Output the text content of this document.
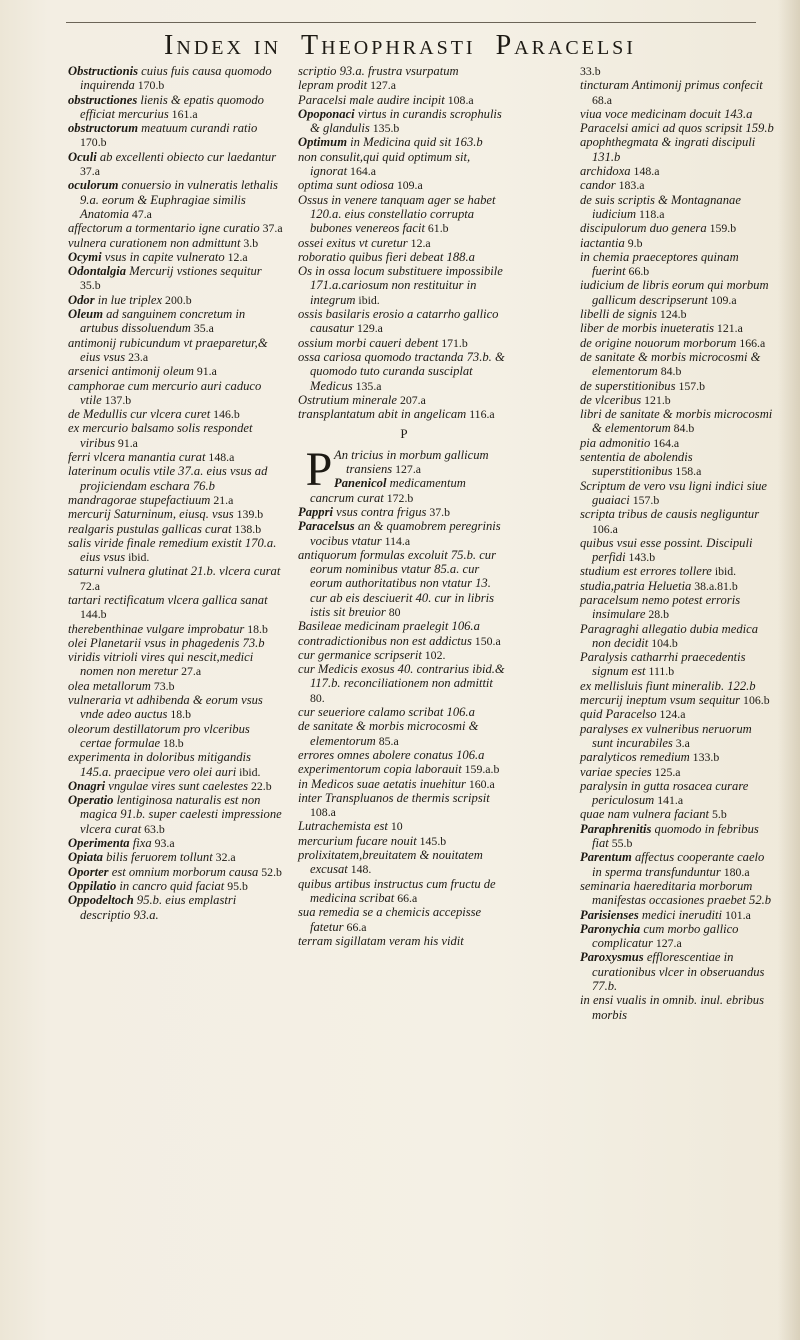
Index in Theophrasti Paracelsi
Obstructionis cuius fuis causa quomodo inquirenda 170.b
obstructiones lienis & epatis quomodo efficiat mercurius 161.a
obstructorum meatuum curandi ratio 170.b
Oculi ab excellenti obiecto cur laedantur 37.a
oculorum conuersio in vulneratis lethalis 9.a. eorum & Euphragiae similis Anatomia 47.a
affectorum a tormentario igne curatio 37.a
vulnera curationem non admittunt 3.b
Ocymi vsus in capite vulnerato 12.a
Odontalgia Mercurij vstiones sequitur 35.b
Odor in lue triplex 200.b
Oleum ad sanguinem concretum in artubus dissoluendum 35.a
antimonij rubicundum vt praeparetur,& eius vsus 23.a
arsenici antimonij oleum 91.a
camphorae cum mercurio auri caduco vtile 137.b
de Medullis cur vlcera curet 146.b
ex mercurio balsamo solis respondet viribus 91.a
ferri vlcera manantia curat 148.a
laterinum oculis vtile 37.a. eius vsus ad projiciendam eschara 76.b
mandragorae stupefactiuum 21.a
mercurij Saturninum, eiusq. vsus 139.b
realgaris pustulas gallicas curat 138.b
salis viride finale remedium existit 170.a. eius vsus ibid.
saturni vulnera glutinat 21.b. vlcera curat 72.a
tartari rectificatum vlcera gallica sanat 144.b
therebenthinae vulgare improbatur 18.b
olei Planetarii vsus in phagedenis 73.b
viridis vitrioli vires qui nescit,medici nomen non meretur 27.a
olea metallorum 73.b
vulneraria vt adhibenda & eorum vsus vnde adeo auctus 18.b
oleorum destillatorum pro vlceribus certae formulae 18.b
experimenta in doloribus mitigandis 145.a. praecipue vero olei auri ibid.
Onagri vngulae vires sunt caelestes 22.b
Operatio lentiginosa naturalis est non magica 91.b. super caelesti impressione vlcera curat 63.b
Operimenta fixa 93.a
Opiata bilis feruorem tollunt 32.a
Oporter est omnium morborum causa 52.b
Oppilatio in cancro quid faciat 95.b
Oppodeltoch 95.b. eius emplastri descriptio 93.a.
scriptio 93.a. frustra vsurpatum
lepram prodit 127.a
Paracelsi male audire incipit 108.a
Opoponaci virtus in curandis scrophulis & glandulis 135.b
Optimum in Medicina quid sit 163.b
non consulit,qui quid optimum sit, ignorat 164.a
optima sunt odiosa 109.a
Ossus in venere tanquam ager se habet 120.a. eius constellatio corrupta bubones venereos facit 61.b
ossei exitus vt curetur 12.a
roboratio quibus fieri debeat 188.a
Os in ossa locum substituere impossibile 171.a.cariosum non restituitur in integrum ibid.
ossis basilaris erosio a catarrho gallico causatur 129.a
ossium morbi caueri debent 171.b
ossa cariosa quomodo tractanda 73.b. & quomodo tuto curanda susciplat Medicus 135.a
Ostrutium minerale 207.a
transplantatum abit in angelicam 116.a
P
P An tricius in morbum gallicum transiens 127.a
Panenicol medicamentum cancrum curat 172.b
Pappri vsus contra frigus 37.b
Paracelsus an & quamobrem peregrinis vocibus vtatur 114.a
antiquorum formulas excoluit 75.b. cur eorum nominibus vtatur 85.a. cur eorum authoritatibus non vtatur 13. cur ab eis desciuerit 40. cur in libris istis sit breuior 80
Basileae medicinam praelegit 106.a
contradictionibus non est addictus 150.a
cur germanice scripserit 102.
cur Medicis exosus 40. contrarius ibid.& 117.b. reconciliationem non admittit 80.
cur seueriore calamo scribat 106.a
de sanitate & morbis microcosmi & elementorum 85.a
errores omnes abolere conatus 106.a
experimentorum copia laborauit 159.a.b
in Medicos suae aetatis inuehitur 160.a
inter Transpluanos de thermis scripsit 108.a
Lutrachemista est 10
mercurium fucare nouit 145.b
prolixitatem,breuitatem & nouitatem excusat 148.
quibus artibus instructus cum fructu de medicina scribat 66.a
sua remedia se a chemicis accepisse fatetur 66.a
terram sigillatam veram his vidit
33.b
tincturam Antimonij primus confecit 68.a
viua voce medicinam docuit 143.a
Paracelsi amici ad quos scripsit 159.b
apophthegmata & ingrati discipuli 131.b
archidoxa 148.a
candor 183.a
de suis scriptis & Montagnanae iudicium 118.a
discipulorum duo genera 159.b
iactantia 9.b
in chemia praeceptores quinam fuerint 66.b
iudicium de libris eorum qui morbum gallicum descripserunt 109.a
libelli de signis 124.b
liber de morbis inueteratis 121.a
de origine nouorum morborum 166.a
de sanitate & morbis microcosmi & elementorum 84.b
de superstitionibus 157.b
de vlceribus 121.b
libri de sanitate & morbis microcosmi & elementorum 84.b
pia admonitio 164.a
sententia de abolendis superstitionibus 158.a
Scriptum de vero vsu ligni indici siue guaiaci 157.b
scripta tribus de causis negliguntur 106.a
quibus vsui esse possint. Discipuli perfidi 143.b
studium est errores tollere ibid.
studia,patria Heluetia 38.a.81.b
paracelsum nemo potest erroris insimulare 28.b
Paragraghi allegatio dubia medica non decidit 104.b
Paralysis catharrhi praecedentis signum est 111.b
ex mellisluis fiunt mineralib. 122.b
mercurij ineptum vsum sequitur 106.b
quid Paracelso 124.a
paralyses ex vulneribus neruorum sunt incurabiles 3.a
paralyticos remedium 133.b
variae species 125.a
paralysin in gutta rosacea curare periculosum 141.a
quae nam vulnera faciant 5.b
Paraphrenitis quomodo in febribus fiat 55.b
Parentum affectus cooperante caelo in sperma transfunduntur 180.a
seminaria haereditaria morborum manifestas occasiones praebet 52.b
Parisienses medici ineruditi 101.a
Paronychia cum morbo gallico complicatur 127.a
Paroxysmus efflorescentiae in curationibus vlcer in obseruandus 77.b.
in ensi vualis in omnib. inul. ebribus morbis
